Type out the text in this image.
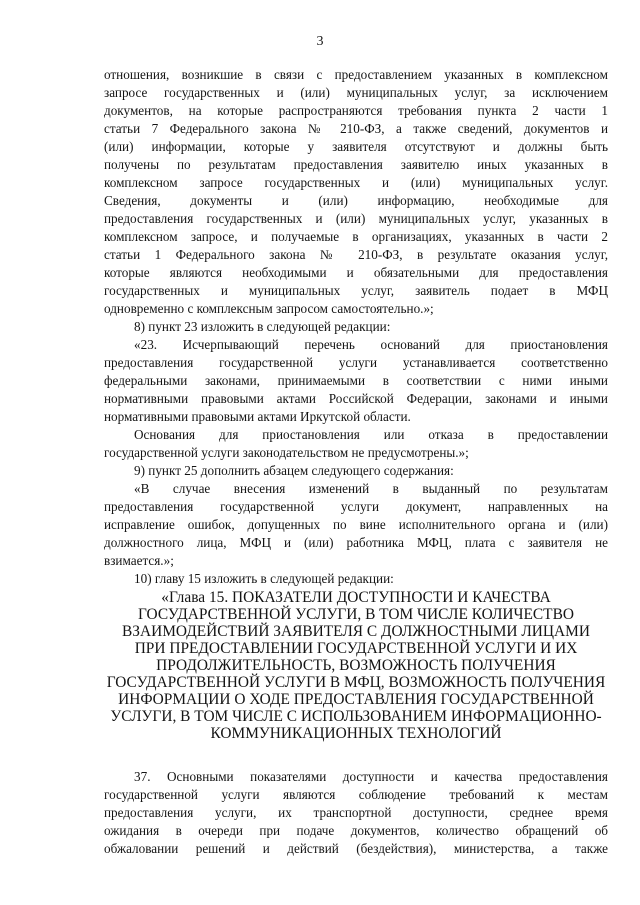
3
отношения, возникшие в связи с предоставлением указанных в комплексном
запросе государственных и (или) муниципальных услуг, за исключением
документов, на которые распространяются требования пункта 2 части 1
статьи 7 Федерального закона № 210-ФЗ, а также сведений, документов и
(или) информации, которые у заявителя отсутствуют и должны быть
получены по результатам предоставления заявителю иных указанных в
комплексном запросе государственных и (или) муниципальных услуг.
Сведения, документы и (или) информацию, необходимые для
предоставления государственных и (или) муниципальных услуг, указанных в
комплексном запросе, и получаемые в организациях, указанных в части 2
статьи 1 Федерального закона № 210-ФЗ, в результате оказания услуг,
которые являются необходимыми и обязательными для предоставления
государственных и муниципальных услуг, заявитель подает в МФЦ
одновременно с комплексным запросом самостоятельно.»;
8) пункт 23 изложить в следующей редакции:
«23. Исчерпывающий перечень оснований для приостановления
предоставления государственной услуги устанавливается соответственно
федеральными законами, принимаемыми в соответствии с ними иными
нормативными правовыми актами Российской Федерации, законами и иными
нормативными правовыми актами Иркутской области.
Основания для приостановления или отказа в предоставлении
государственной услуги законодательством не предусмотрены.»;
9) пункт 25 дополнить абзацем следующего содержания:
«В случае внесения изменений в выданный по результатам
предоставления государственной услуги документ, направленных на
исправление ошибок, допущенных по вине исполнительного органа и (или)
должностного лица, МФЦ и (или) работника МФЦ, плата с заявителя не
взимается.»;
10) главу 15 изложить в следующей редакции:
«Глава 15. ПОКАЗАТЕЛИ ДОСТУПНОСТИ И КАЧЕСТВА
ГОСУДАРСТВЕННОЙ УСЛУГИ, В ТОМ ЧИСЛЕ КОЛИЧЕСТВО
ВЗАИМОДЕЙСТВИЙ ЗАЯВИТЕЛЯ С ДОЛЖНОСТНЫМИ ЛИЦАМИ
ПРИ ПРЕДОСТАВЛЕНИИ ГОСУДАРСТВЕННОЙ УСЛУГИ И ИХ
ПРОДОЛЖИТЕЛЬНОСТЬ, ВОЗМОЖНОСТЬ ПОЛУЧЕНИЯ
ГОСУДАРСТВЕННОЙ УСЛУГИ В МФЦ, ВОЗМОЖНОСТЬ ПОЛУЧЕНИЯ
ИНФОРМАЦИИ О ХОДЕ ПРЕДОСТАВЛЕНИЯ ГОСУДАРСТВЕННОЙ
УСЛУГИ, В ТОМ ЧИСЛЕ С ИСПОЛЬЗОВАНИЕМ ИНФОРМАЦИОННО-
КОММУНИКАЦИОННЫХ ТЕХНОЛОГИЙ
37. Основными показателями доступности и качества предоставления
государственной услуги являются соблюдение требований к местам
предоставления услуги, их транспортной доступности, среднее время
ожидания в очереди при подаче документов, количество обращений об
обжаловании решений и действий (бездействия), министерства, а также
